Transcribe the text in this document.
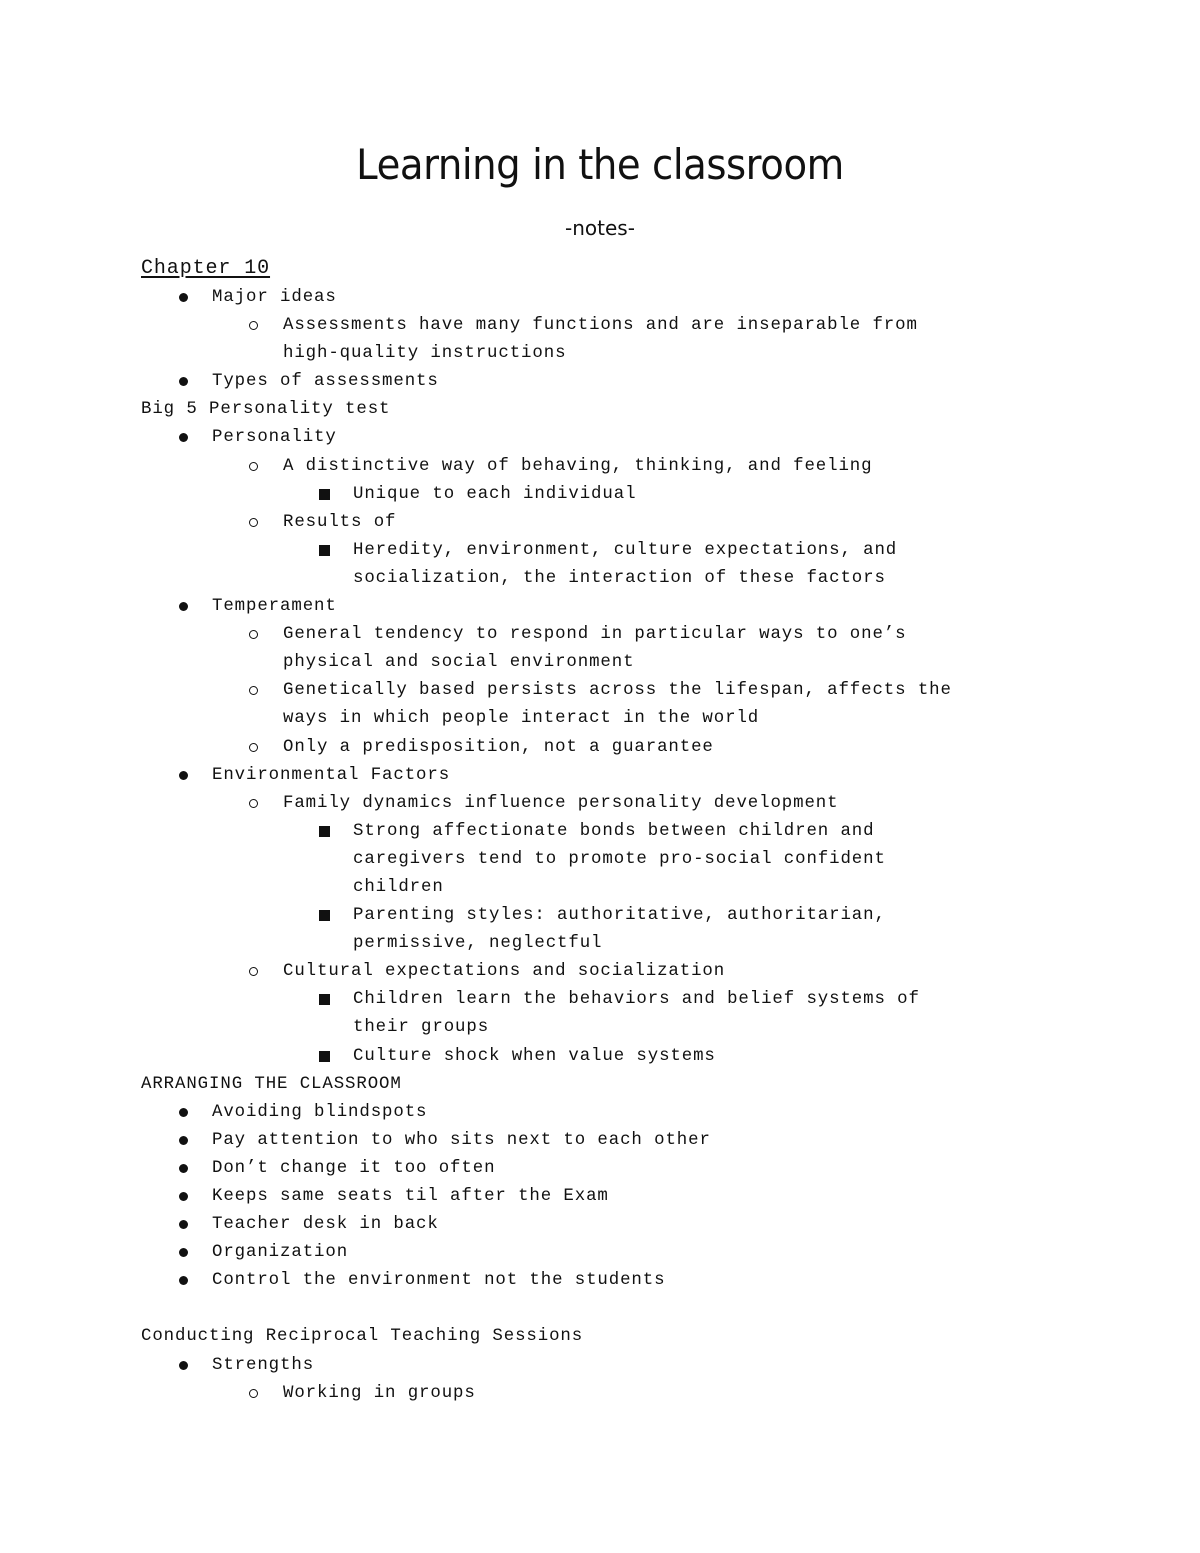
Learning in the classroom
-notes-
Chapter 10
Major ideas
Assessments have many functions and are inseparable from
high-quality instructions
Types of assessments
Big 5 Personality test
Personality
A distinctive way of behaving, thinking, and feeling
Unique to each individual
Results of
Heredity, environment, culture expectations, and
socialization, the interaction of these factors
Temperament
General tendency to respond in particular ways to one’s
physical and social environment
Genetically based persists across the lifespan, affects the
ways in which people interact in the world
Only a predisposition, not a guarantee
Environmental Factors
Family dynamics influence personality development
Strong affectionate bonds between children and
caregivers tend to promote pro-social confident
children
Parenting styles: authoritative, authoritarian,
permissive, neglectful
Cultural expectations and socialization
Children learn the behaviors and belief systems of
their groups
Culture shock when value systems
ARRANGING THE CLASSROOM
Avoiding blindspots
Pay attention to who sits next to each other
Don’t change it too often
Keeps same seats til after the Exam
Teacher desk in back
Organization
Control the environment not the students
Conducting Reciprocal Teaching Sessions
Strengths
Working in groups
